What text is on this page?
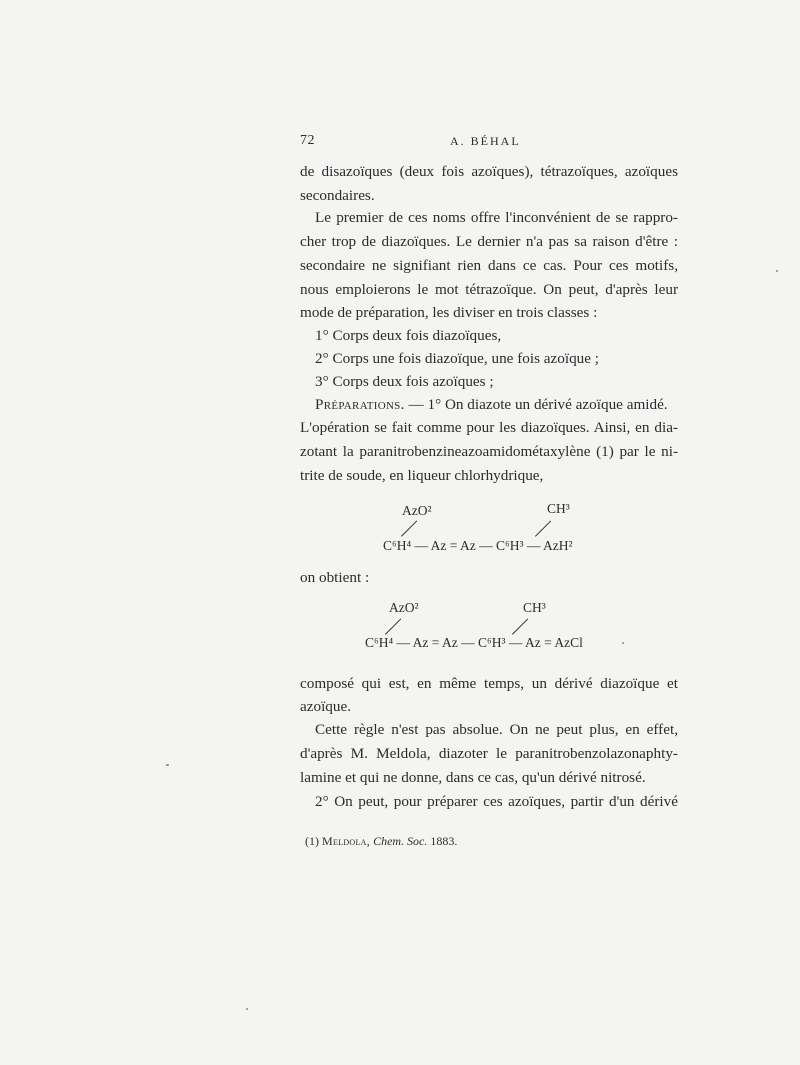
72	A. BÉHAL
de disazoïques (deux fois azoïques), tétrazoïques, azoïques
secondaires.
Le premier de ces noms offre l'inconvénient de se rappro-
cher trop de diazoïques. Le dernier n'a pas sa raison d'être :
secondaire ne signifiant rien dans ce cas. Pour ces motifs,
nous emploierons le mot tétrazoïque. On peut, d'après leur
mode de préparation, les diviser en trois classes :
1° Corps deux fois diazoïques,
2° Corps une fois diazoïque, une fois azoïque ;
3° Corps deux fois azoïques ;
Préparations. — 1° On diazote un dérivé azoïque amidé.
L'opération se fait comme pour les diazoïques. Ainsi, en dia-
zotant la paranitrobenzineazoamidométaxylène (1) par le ni-
trite de soude, en liqueur chlorhydrique,
AzO²	CH³
C⁶H⁴ — Az = Az — C⁶H³ — AzH²
on obtient :
AzO²	CH³
C⁶H⁴ — Az = Az — C⁶H³ — Az = AzCl
composé qui est, en même temps, un dérivé diazoïque et
azoïque.
Cette règle n'est pas absolue. On ne peut plus, en effet,
d'après M. Meldola, diazoter le paranitrobenzolazonaphty-
lamine et qui ne donne, dans ce cas, qu'un dérivé nitrosé.
2° On peut, pour préparer ces azoïques, partir d'un dérivé
(1) Meldola, Chem. Soc. 1883.
